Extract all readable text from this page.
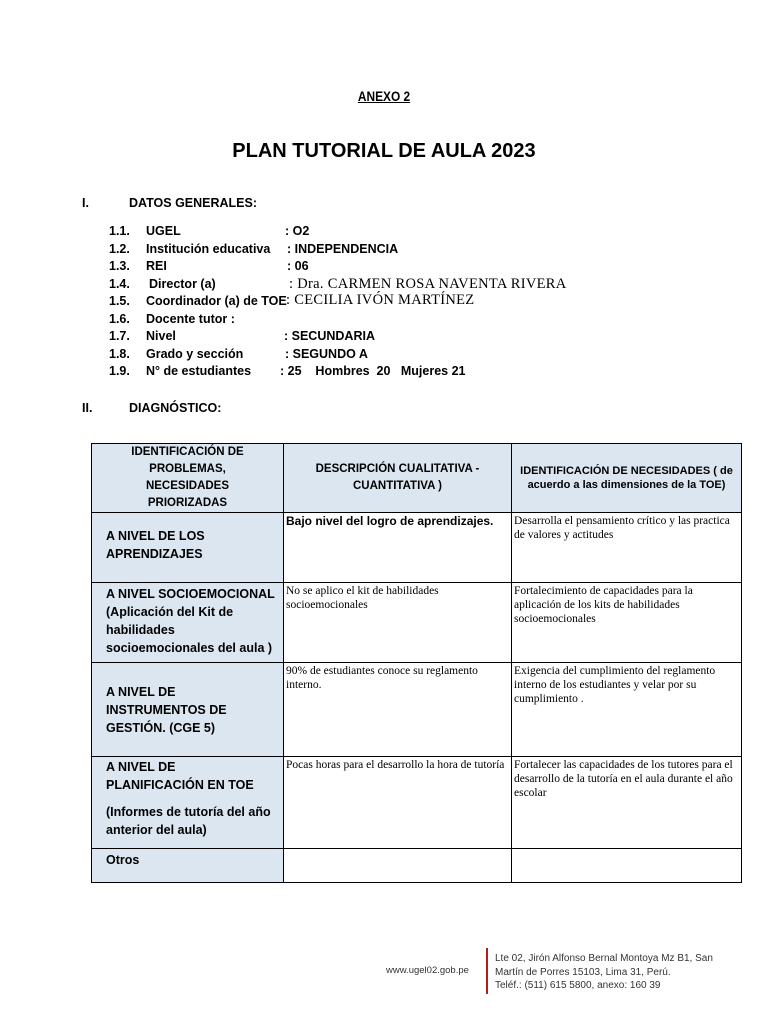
ANEXO 2
PLAN TUTORIAL DE AULA 2023
I.	DATOS GENERALES:
1.1. UGEL	: O2
1.2. Institución educativa : INDEPENDENCIA
1.3. REI	: 06
1.4. Director (a)	: Dra. CARMEN ROSA NAVENTA RIVERA
1.5. Coordinador (a) de TOE : CECILIA IVÓN MARTÍNEZ
1.6. Docente tutor :
1.7. Nivel	: SECUNDARIA
1.8. Grado y sección	: SEGUNDO A
1.9. N° de estudiantes : 25    Hombres  20   Mujeres 21
II.	DIAGNÓSTICO:
IDENTIFICACIÓN DE PROBLEMAS, NECESIDADES PRIORIZADAS	DESCRIPCIÓN CUALITATIVA - CUANTITATIVA )	IDENTIFICACIÓN DE NECESIDADES ( de acuerdo a las dimensiones de la TOE)

A NIVEL DE LOS APRENDIZAJES	Bajo nivel del logro de aprendizajes.	Desarrolla el pensamiento crítico y las practica de valores y actitudes

A NIVEL SOCIOEMOCIONAL
(Aplicación del Kit de habilidades socioemocionales del aula )	No se aplico el kit de habilidades socioemocionales	Fortalecimiento de capacidades para la aplicación de los kits de habilidades socioemocionales

A NIVEL DE INSTRUMENTOS DE GESTIÓN. (CGE 5)	90% de estudiantes conoce su reglamento interno.	Exigencia del cumplimiento del reglamento interno de los estudiantes y velar por su cumplimiento .

A NIVEL DE PLANIFICACIÓN EN TOE
(Informes de tutoría del año anterior del aula)	Pocas horas para el desarrollo la hora de tutoría	Fortalecer las capacidades de los tutores para el desarrollo de la tutoría en el aula durante el año escolar

Otros		

www.ugel02.gob.pe
Lte 02, Jirón Alfonso Bernal Montoya Mz B1, San
Martín de Porres 15103, Lima 31, Perú.
Teléf.: (511) 615 5800, anexo: 160 39
